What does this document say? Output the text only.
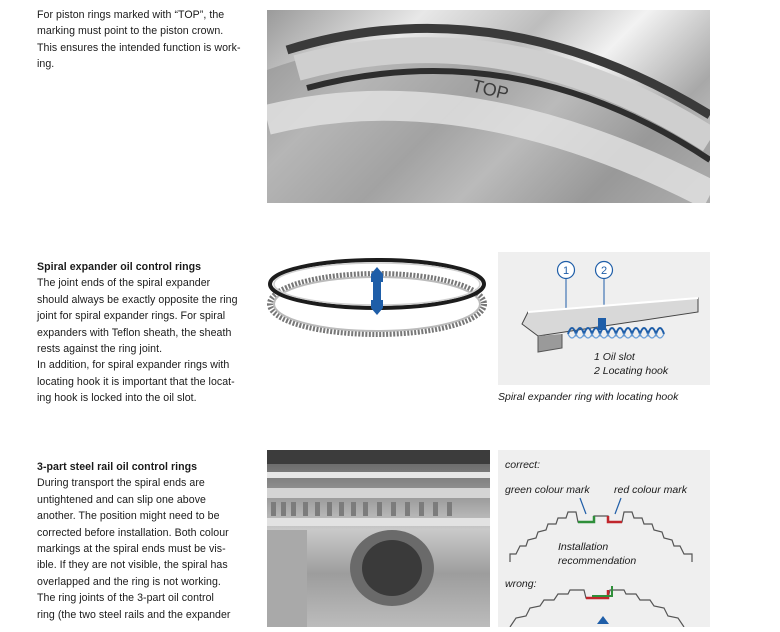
For piston rings marked with “TOP”, the
marking must point to the piston crown.
This ensures the intended function is work-
ing.

TOP

Spiral expander oil control rings

The joint ends of the spiral expander
should always be exactly opposite the ring
joint for spiral expander rings. For spiral
expanders with Teflon sheath, the sheath
rests against the ring joint.
In addition, for spiral expander rings with
locating hook it is important that the locat-
ing hook is locked into the oil slot.

1	2
1 Oil slot
2 Locating hook
Spiral expander ring with locating hook

3-part steel rail oil control rings

During transport the spiral ends are
untightened and can slip one above
another. The position might need to be
corrected before installation. Both colour
markings at the spiral ends must be vis-
ible. If they are not visible, the spiral has
overlapped and the ring is not working.
The ring joints of the 3-part oil control
ring (the two steel rails and the expander

correct:
green colour mark red colour mark
Installation
recommendation
wrong:
